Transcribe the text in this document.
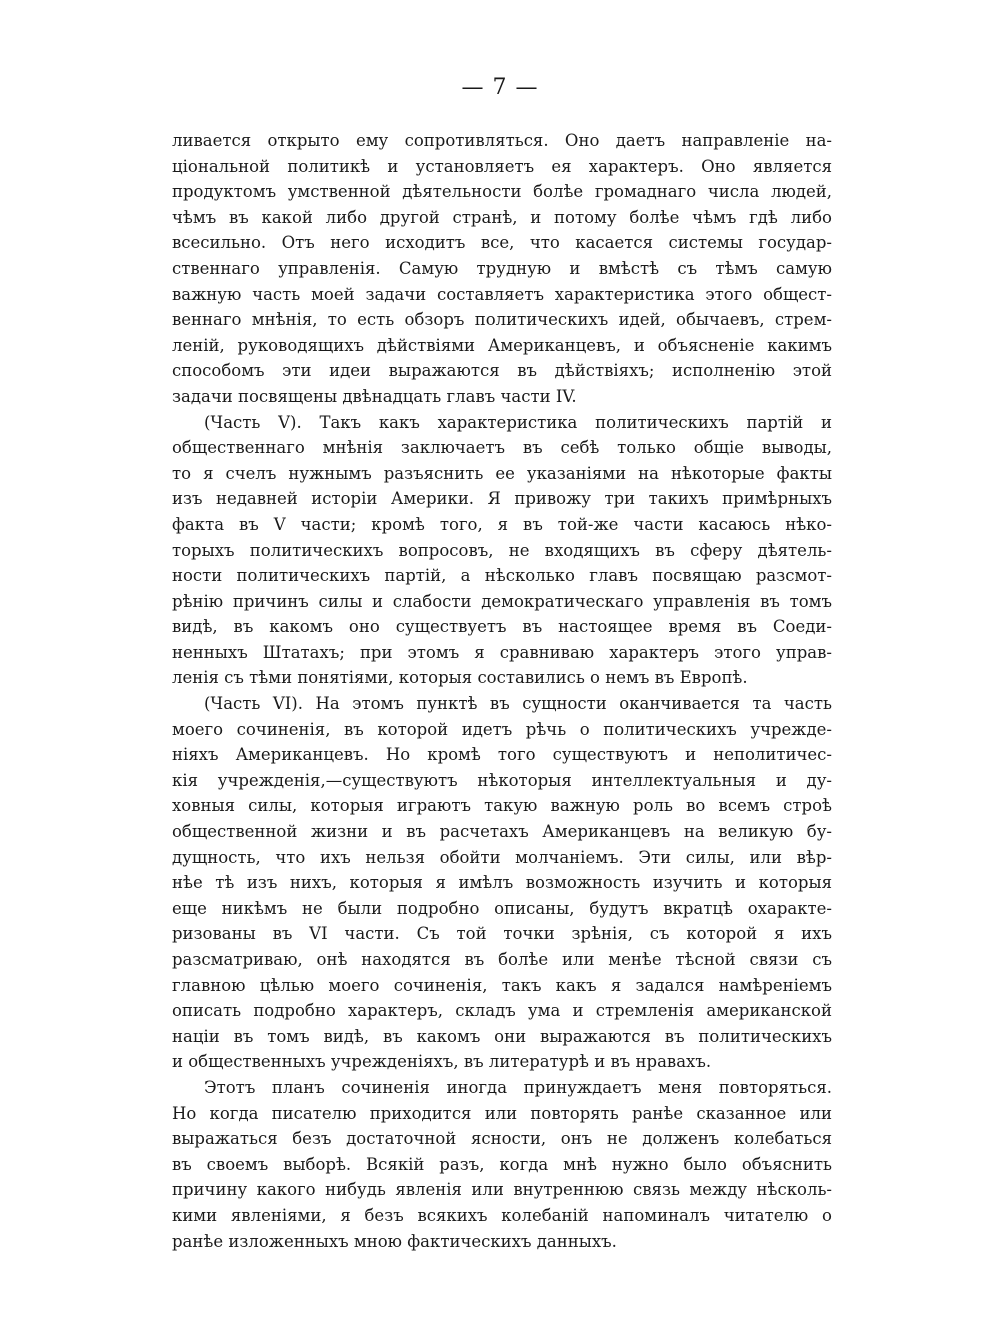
— 7 —
ливается открыто ему сопротивляться. Оно даетъ направленіе на-
ціональной политикѣ и установляетъ ея характеръ. Оно является
продуктомъ умственной дѣятельности болѣе громаднаго числа людей,
чѣмъ въ какой либо другой странѣ, и потому болѣе чѣмъ гдѣ либо
всесильно. Отъ него исходитъ все, что касается системы государ-
ственнаго управленія. Самую трудную и вмѣстѣ съ тѣмъ самую
важную часть моей задачи составляетъ характеристика этого общест-
веннаго мнѣнія, то есть обзоръ политическихъ идей, обычаевъ, стрем-
леній, руководящихъ дѣйствіями Американцевъ, и объясненіе какимъ
способомъ эти идеи выражаются въ дѣйствіяхъ; исполненію этой
задачи посвящены двѣнадцать главъ части IV.
(Часть V). Такъ какъ характеристика политическихъ партій и
общественнаго мнѣнія заключаетъ въ себѣ только общіе выводы,
то я счелъ нужнымъ разъяснить ее указаніями на нѣкоторые факты
изъ недавней исторіи Америки. Я привожу три такихъ примѣрныхъ
факта въ V части; кромѣ того, я въ той-же части касаюсь нѣко-
торыхъ политическихъ вопросовъ, не входящихъ въ сферу дѣятель-
ности политическихъ партій, а нѣсколько главъ посвящаю разсмот-
рѣнію причинъ силы и слабости демократическаго управленія въ томъ
видѣ, въ какомъ оно существуетъ въ настоящее время въ Соеди-
ненныхъ Штатахъ; при этомъ я сравниваю характеръ этого управ-
ленія съ тѣми понятіями, которыя составились о немъ въ Европѣ.
(Часть VI). На этомъ пунктѣ въ сущности оканчивается та часть
моего сочиненія, въ которой идетъ рѣчь о политическихъ учрежде-
ніяхъ Американцевъ. Но кромѣ того существуютъ и неполитичес-
кія учрежденія,—существуютъ нѣкоторыя интеллектуальныя и ду-
ховныя силы, которыя играютъ такую важную роль во всемъ строѣ
общественной жизни и въ расчетахъ Американцевъ на великую бу-
дущность, что ихъ нельзя обойти молчаніемъ. Эти силы, или вѣр-
нѣе тѣ изъ нихъ, которыя я имѣлъ возможность изучить и которыя
еще никѣмъ не были подробно описаны, будутъ вкратцѣ охаракте-
ризованы въ VI части. Съ той точки зрѣнія, съ которой я ихъ
разсматриваю, онѣ находятся въ болѣе или менѣе тѣсной связи съ
главною цѣлью моего сочиненія, такъ какъ я задался намѣреніемъ
описать подробно характеръ, складъ ума и стремленія американской
націи въ томъ видѣ, въ какомъ они выражаются въ политическихъ
и общественныхъ учрежденіяхъ, въ литературѣ и въ нравахъ.
Этотъ планъ сочиненія иногда принуждаетъ меня повторяться.
Но когда писателю приходится или повторять ранѣе сказанное или
выражаться безъ достаточной ясности, онъ не долженъ колебаться
въ своемъ выборѣ. Всякій разъ, когда мнѣ нужно было объяснить
причину какого нибудь явленія или внутреннюю связь между нѣсколь-
кими явленіями, я безъ всякихъ колебаній напоминалъ читателю о
ранѣе изложенныхъ мною фактическихъ данныхъ.
